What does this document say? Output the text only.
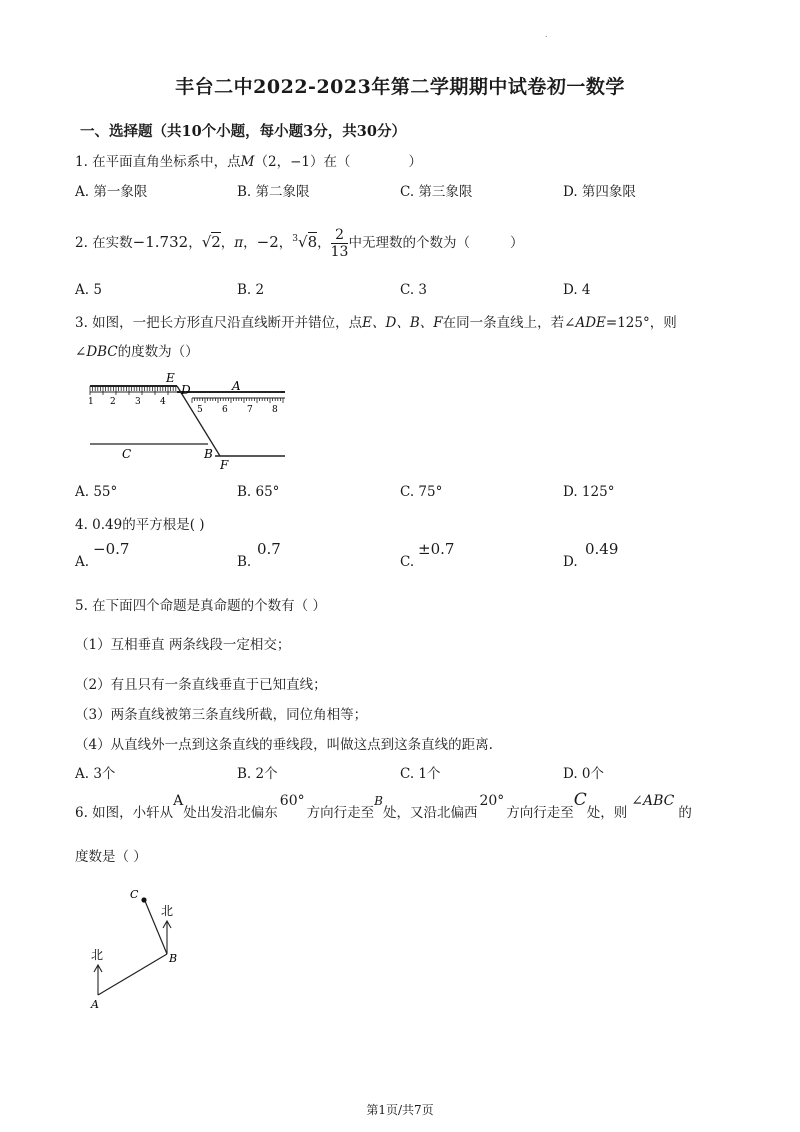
.
丰台二中2022-2023年第二学期期中试卷初一数学
一、选择题（共10个小题，每小题3分，共30分）
1. 在平面直角坐标系中，点M（2，−1）在（	）
A. 第一象限	B. 第二象限	C. 第三象限	D. 第四象限
2. 在实数−1.732，√2，π，−2，$^3$√8， $\frac{2}{13}$ 中无理数的个数为（	）
A. 5	B. 2	C. 3	D. 4
3. 如图，一把长方形直尺沿直线断开并错位，点E、D、B、F在同一条直线上，若∠ADE=125°，则
∠DBC的度数为（）
1 2 3 4
5 6 7 8
E
D	A
C	B
F
A. 55°	B. 65°	C. 75°	D. 125°
4. 0.49的平方根是( )
A.
−0.7
B.
0.7
C.
±0.7
D.
0.49
5. 在下面四个命题是真命题的个数有（ ）
（1）互相垂直 两条线段一定相交；
（2）有且只有一条直线垂直于已知直线；
（3）两条直线被第三条直线所截，同位角相等；
（4）从直线外一点到这条直线的垂线段，叫做这点到这条直线的距离.
A. 3个	B. 2个	C. 1个	D. 0个
6. 如图，小轩从A处出发沿北偏东60°方向行走至B处，又沿北偏西20°方向行走至C处，则∠ABC的
度数是（ ）
北
北
A
B
C
第1页/共7页
